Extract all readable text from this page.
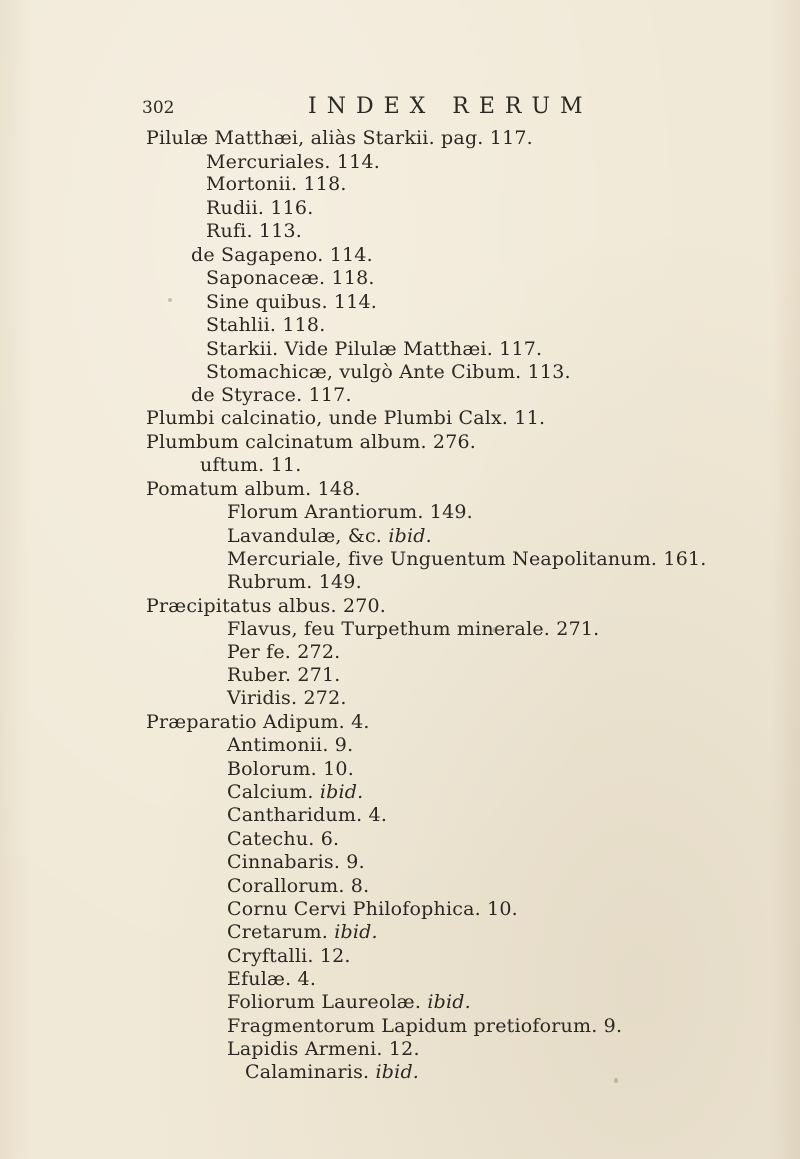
302	INDEX RERUM
Pilulæ Matthæi, aliàs Starkii. pag. 117.
Mercuriales. 114.
Mortonii. 118.
Rudii. 116.
Rufi. 113.
de Sagapeno. 114.
Saponaceæ. 118.
Sine quibus. 114.
Stahlii. 118.
Starkii. Vide Pilulæ Matthæi. 117.
Stomachicæ, vulgò Ante Cibum. 113.
de Styrace. 117.
Plumbi calcinatio, unde Plumbi Calx. 11.
Plumbum calcinatum album. 276.
uftum. 11.
Pomatum album. 148.
Florum Arantiorum. 149.
Lavandulæ, &c. ibid.
Mercuriale, five Unguentum Neapolitanum. 161.
Rubrum. 149.
Præcipitatus albus. 270.
Flavus, feu Turpethum minerale. 271.
Per fe. 272.
Ruber. 271.
Viridis. 272.
Præparatio Adipum. 4.
Antimonii. 9.
Bolorum. 10.
Calcium. ibid.
Cantharidum. 4.
Catechu. 6.
Cinnabaris. 9.
Corallorum. 8.
Cornu Cervi Philofophica. 10.
Cretarum. ibid.
Cryftalli. 12.
Efulæ. 4.
Foliorum Laureolæ. ibid.
Fragmentorum Lapidum pretioforum. 9.
Lapidis Armeni. 12.
Calaminaris. ibid.
